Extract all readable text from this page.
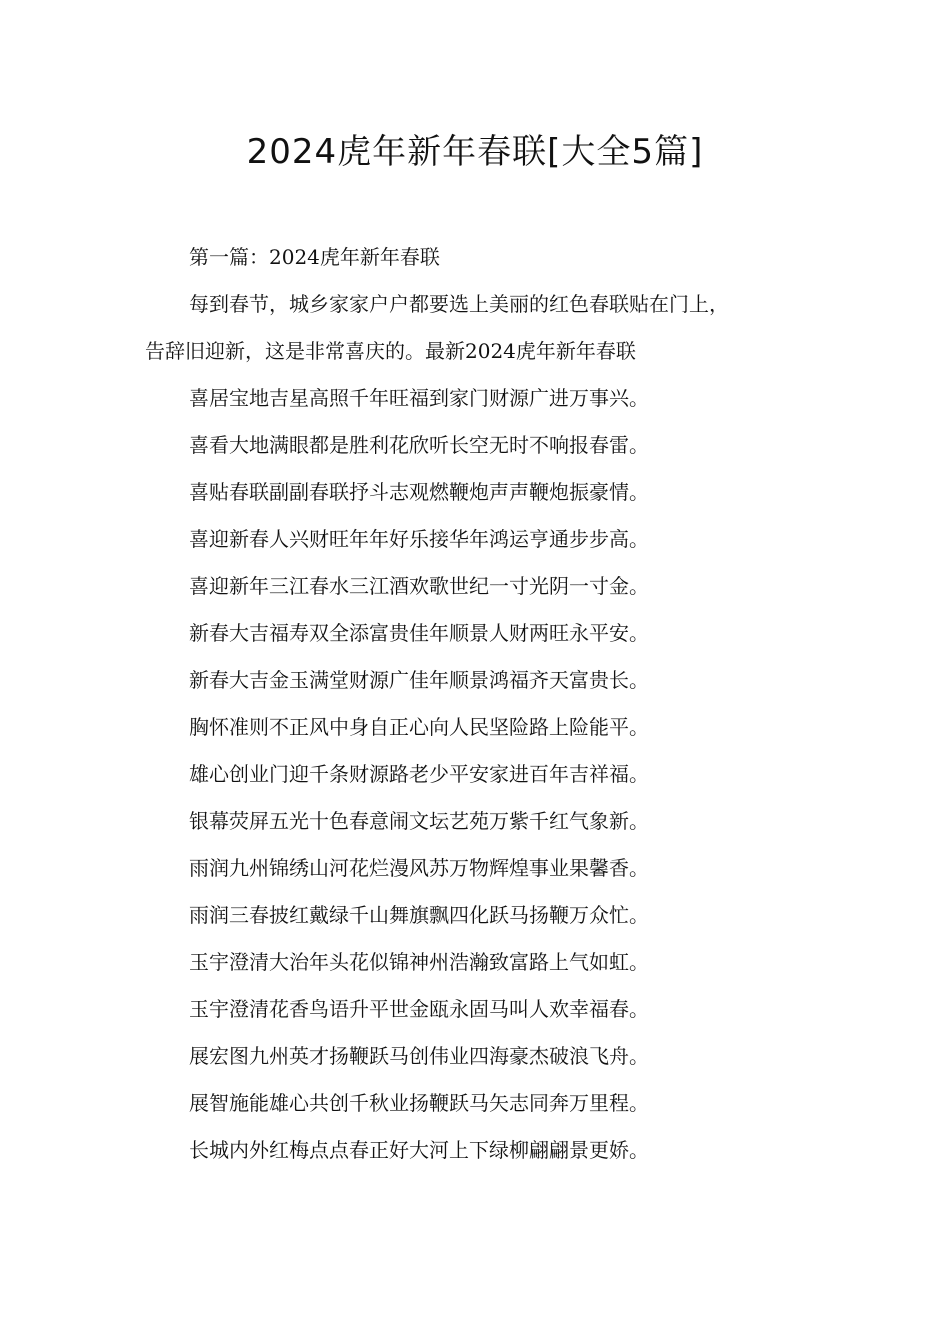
2024虎年新年春联[大全5篇]

第一篇：2024虎年新年春联

每到春节，城乡家家户户都要选上美丽的红色春联贴在门上，

告辞旧迎新，这是非常喜庆的。最新2024虎年新年春联

喜居宝地吉星高照千年旺福到家门财源广进万事兴。

喜看大地满眼都是胜利花欣听长空无时不响报春雷。

喜贴春联副副春联抒斗志观燃鞭炮声声鞭炮振豪情。

喜迎新春人兴财旺年年好乐接华年鸿运亨通步步高。

喜迎新年三江春水三江酒欢歌世纪一寸光阴一寸金。

新春大吉福寿双全添富贵佳年顺景人财两旺永平安。

新春大吉金玉满堂财源广佳年顺景鸿福齐天富贵长。

胸怀准则不正风中身自正心向人民坚险路上险能平。

雄心创业门迎千条财源路老少平安家进百年吉祥福。

银幕荧屏五光十色春意闹文坛艺苑万紫千红气象新。

雨润九州锦绣山河花烂漫风苏万物辉煌事业果馨香。

雨润三春披红戴绿千山舞旗飘四化跃马扬鞭万众忙。

玉宇澄清大治年头花似锦神州浩瀚致富路上气如虹。

玉宇澄清花香鸟语升平世金瓯永固马叫人欢幸福春。

展宏图九州英才扬鞭跃马创伟业四海豪杰破浪飞舟。

展智施能雄心共创千秋业扬鞭跃马矢志同奔万里程。

长城内外红梅点点春正好大河上下绿柳翩翩景更娇。
